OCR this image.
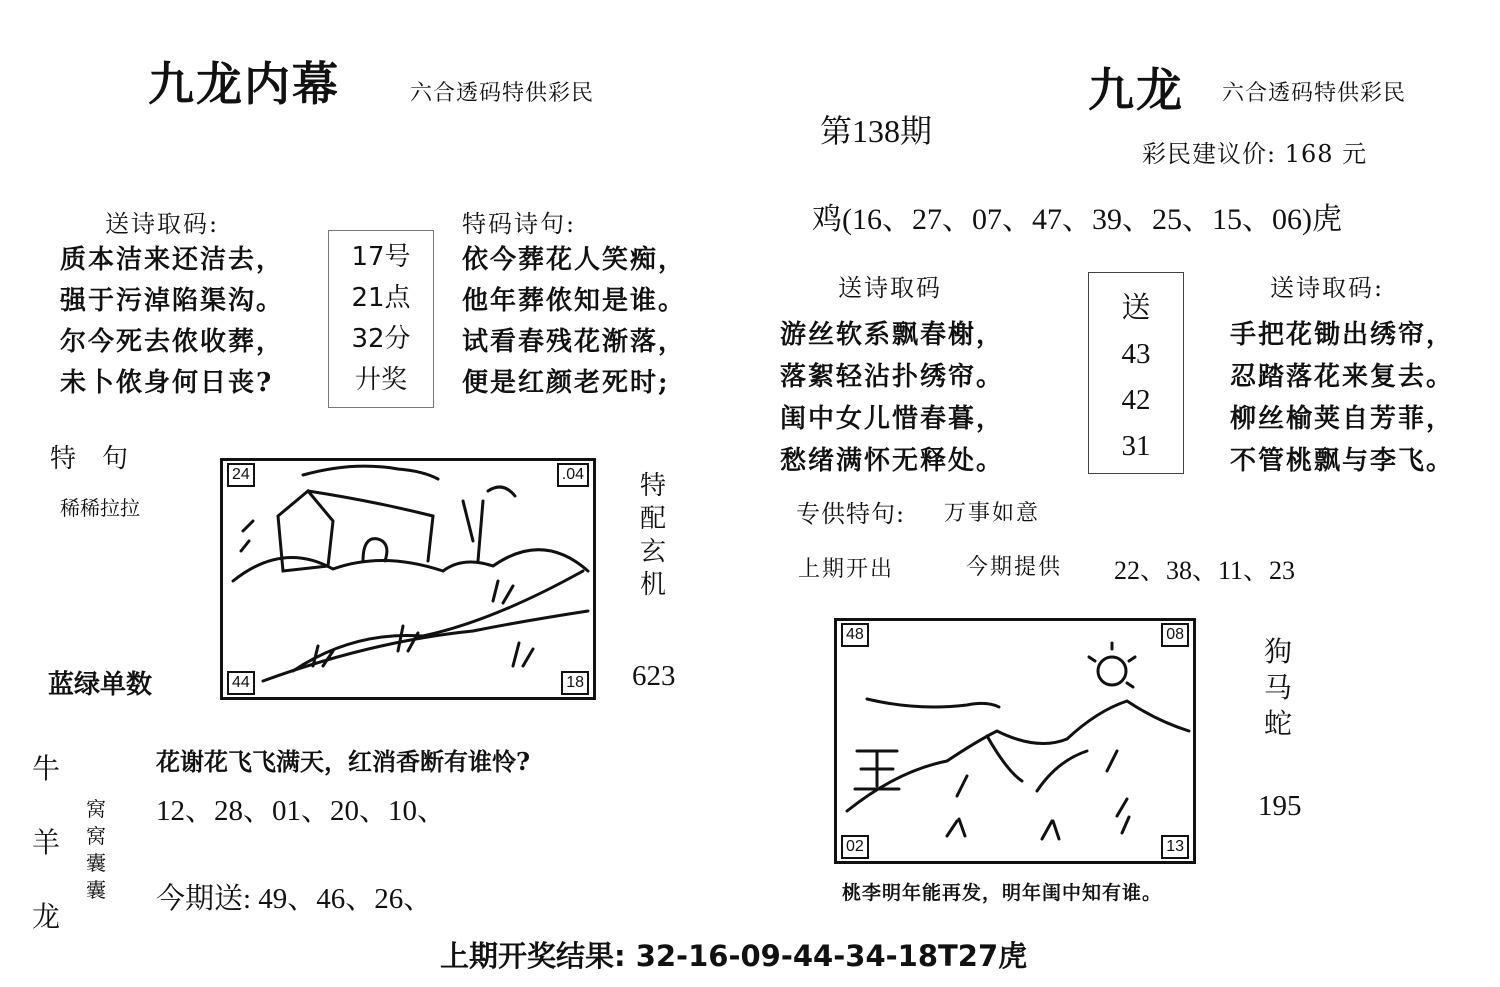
九龙内幕	六合透码特供彩民
送诗取码:
质本洁来还洁去，
强于污淖陷渠沟。
尔今死去侬收葬，
未卜侬身何日丧?
17号
21点
32分
廾奖
特码诗句:
依今葬花人笑痴，
他年葬侬知是谁。
试看春残花渐落，
便是红颜老死时;
特　句
稀稀拉拉
24	.04
44	18
特配玄机
蓝绿单数	623
牛
羊
龙
窝
窝
囊
囊
花谢花飞飞满天，红消香断有谁怜?
12、28、01、20、10、
今期送: 49、46、26、
九龙 六合透码特供彩民
第138期
彩民建议价: 168 元
鸡(16、27、07、47、39、25、15、06)虎
送诗取码
游丝软系飘春榭，
落絮轻沾扑绣帘。
闺中女儿惜春暮，
愁绪满怀无释处。
送
43
42
31
送诗取码:
手把花锄出绣帘，
忍踏落花来复去。
柳丝榆荚自芳菲，
不管桃飘与李飞。
专供特句: 万事如意
上期开出	今期提供 22、38、11、23
48	08
02	13
狗
马
蛇
195
桃李明年能再发，明年闺中知有谁。
上期开奖结果: 32-16-09-44-34-18T27虎
